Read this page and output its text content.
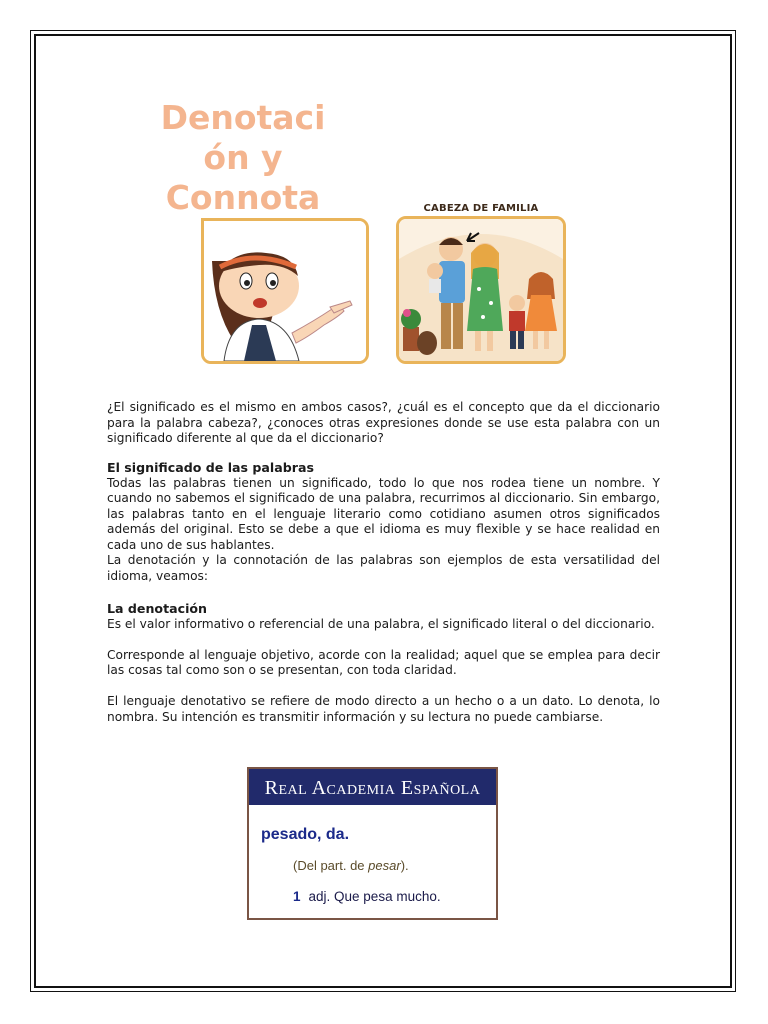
Denotaci
ón y
Connota	CABEZA DE FAMILIA

¿El significado es el mismo en ambos casos?, ¿cuál es el concepto que da el diccionario para la palabra cabeza?, ¿conoces otras expresiones donde se use esta palabra con un significado diferente al que da el diccionario?

El significado de las palabras

Todas las palabras tienen un significado, todo lo que nos rodea tiene un nombre. Y cuando no sabemos el significado de una palabra, recurrimos al diccionario. Sin embargo, las palabras tanto en el lenguaje literario como cotidiano asumen otros significados además del original. Esto se debe a que el idioma es muy flexible y se hace realidad en cada uno de sus hablantes.

La denotación y la connotación de las palabras son ejemplos de esta versatilidad del idioma, veamos:

La denotación

Es el valor informativo o referencial de una palabra, el significado literal o del diccionario.

Corresponde al lenguaje objetivo, acorde con la realidad; aquel que se emplea para decir las cosas tal como son o se presentan, con toda claridad.

El lenguaje denotativo se refiere de modo directo a un hecho o a un dato. Lo denota, lo nombra. Su intención es transmitir información y su lectura no puede cambiarse.

Real Academia Española
pesado, da.
(Del part. de pesar).
1 adj. Que pesa mucho.
